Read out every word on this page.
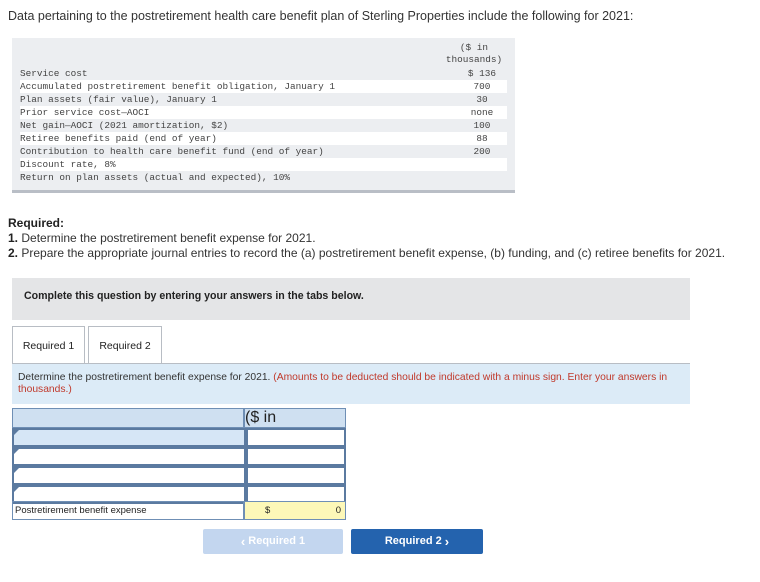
Data pertaining to the postretirement health care benefit plan of Sterling Properties include the following for 2021:
($ in
thousands)
Service cost	$ 136
Accumulated postretirement benefit obligation, January 1	700
Plan assets (fair value), January 1	30
Prior service cost—AOCI	none
Net gain—AOCI (2021 amortization, $2)	100
Retiree benefits paid (end of year)	88
Contribution to health care benefit fund (end of year)	200
Discount rate, 8%
Return on plan assets (actual and expected), 10%
Required:
1. Determine the postretirement benefit expense for 2021.
2. Prepare the appropriate journal entries to record the (a) postretirement benefit expense, (b) funding, and (c) retiree benefits for 2021.
Complete this question by entering your answers in the tabs below.
Required 1	Required 2
Determine the postretirement benefit expense for 2021. (Amounts to be deducted should be indicated with a minus sign. Enter your answers in thousands.)
($ in
Postretirement benefit expense	$	0
‹ Required 1	Required 2 ›
